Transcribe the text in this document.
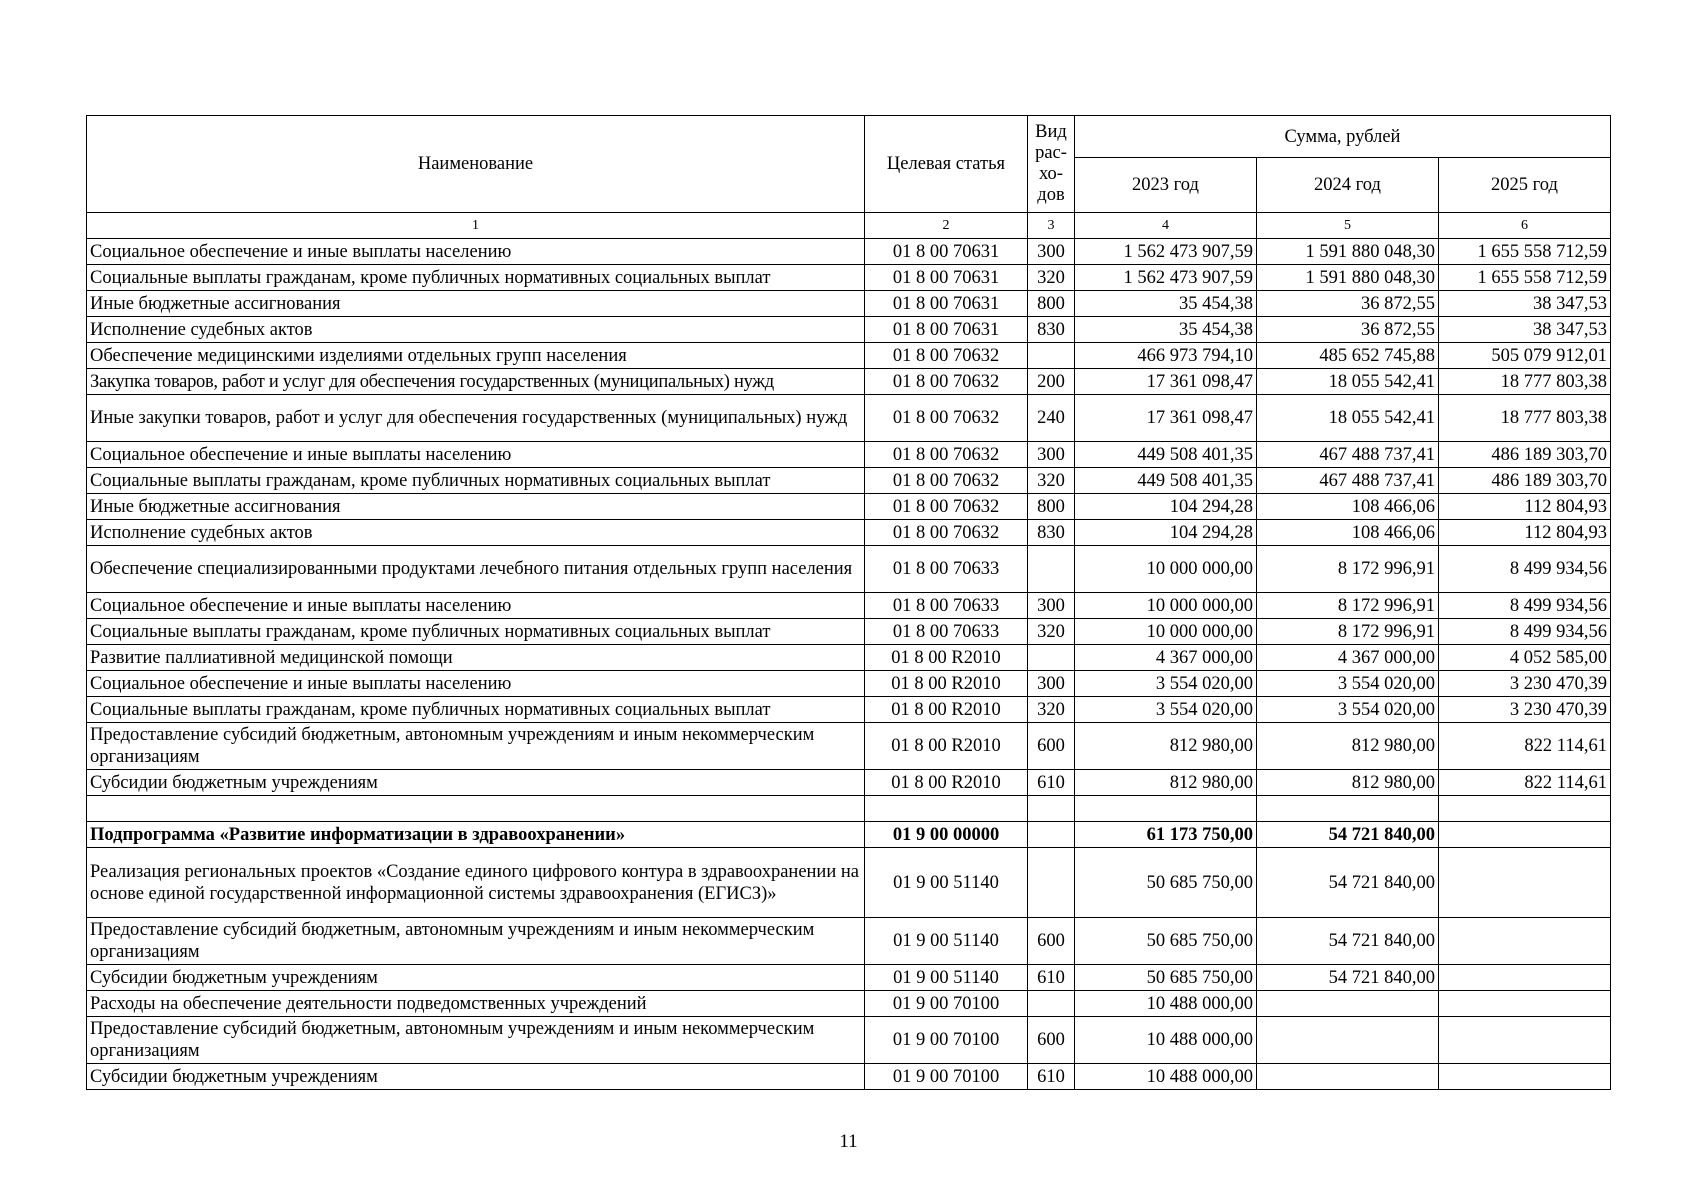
Наименование	Целевая статья	Вид рас-хо-дов	Сумма, рублей		
			2023 год	2024 год	2025 год
1	2	3	4	5	6
Социальное обеспечение и иные выплаты населению	01 8 00 70631	300	1 562 473 907,59	1 591 880 048,30	1 655 558 712,59
Социальные выплаты гражданам, кроме публичных нормативных социальных выплат	01 8 00 70631	320	1 562 473 907,59	1 591 880 048,30	1 655 558 712,59
Иные бюджетные ассигнования	01 8 00 70631	800	35 454,38	36 872,55	38 347,53
Исполнение судебных актов	01 8 00 70631	830	35 454,38	36 872,55	38 347,53
Обеспечение медицинскими изделиями отдельных групп населения	01 8 00 70632		466 973 794,10	485 652 745,88	505 079 912,01
Закупка товаров, работ и услуг для обеспечения государственных (муниципальных) нужд	01 8 00 70632	200	17 361 098,47	18 055 542,41	18 777 803,38
Иные закупки товаров, работ и услуг для обеспечения государственных (муниципальных) нужд	01 8 00 70632	240	17 361 098,47	18 055 542,41	18 777 803,38
Социальное обеспечение и иные выплаты населению	01 8 00 70632	300	449 508 401,35	467 488 737,41	486 189 303,70
Социальные выплаты гражданам, кроме публичных нормативных социальных выплат	01 8 00 70632	320	449 508 401,35	467 488 737,41	486 189 303,70
Иные бюджетные ассигнования	01 8 00 70632	800	104 294,28	108 466,06	112 804,93
Исполнение судебных актов	01 8 00 70632	830	104 294,28	108 466,06	112 804,93
Обеспечение специализированными продуктами лечебного питания отдельных групп населения	01 8 00 70633		10 000 000,00	8 172 996,91	8 499 934,56
Социальное обеспечение и иные выплаты населению	01 8 00 70633	300	10 000 000,00	8 172 996,91	8 499 934,56
Социальные выплаты гражданам, кроме публичных нормативных социальных выплат	01 8 00 70633	320	10 000 000,00	8 172 996,91	8 499 934,56
Развитие паллиативной медицинской помощи	01 8 00 R2010		4 367 000,00	4 367 000,00	4 052 585,00
Социальное обеспечение и иные выплаты населению	01 8 00 R2010	300	3 554 020,00	3 554 020,00	3 230 470,39
Социальные выплаты гражданам, кроме публичных нормативных социальных выплат	01 8 00 R2010	320	3 554 020,00	3 554 020,00	3 230 470,39
Предоставление субсидий бюджетным, автономным учреждениям и иным некоммерческим организациям	01 8 00 R2010	600	812 980,00	812 980,00	822 114,61
Субсидии бюджетным учреждениям	01 8 00 R2010	610	812 980,00	812 980,00	822 114,61

Подпрограмма «Развитие информатизации в здравоохранении»	01 9 00 00000		61 173 750,00	54 721 840,00	
Реализация региональных проектов «Создание единого цифрового контура в здравоохранении на основе единой государственной информационной системы здравоохранения (ЕГИСЗ)»	01 9 00 51140		50 685 750,00	54 721 840,00	
Предоставление субсидий бюджетным, автономным учреждениям и иным некоммерческим организациям	01 9 00 51140	600	50 685 750,00	54 721 840,00	
Субсидии бюджетным учреждениям	01 9 00 51140	610	50 685 750,00	54 721 840,00	
Расходы на обеспечение деятельности подведомственных учреждений	01 9 00 70100		10 488 000,00		
Предоставление субсидий бюджетным, автономным учреждениям и иным некоммерческим организациям	01 9 00 70100	600	10 488 000,00		
Субсидии бюджетным учреждениям	01 9 00 70100	610	10 488 000,00		
11
